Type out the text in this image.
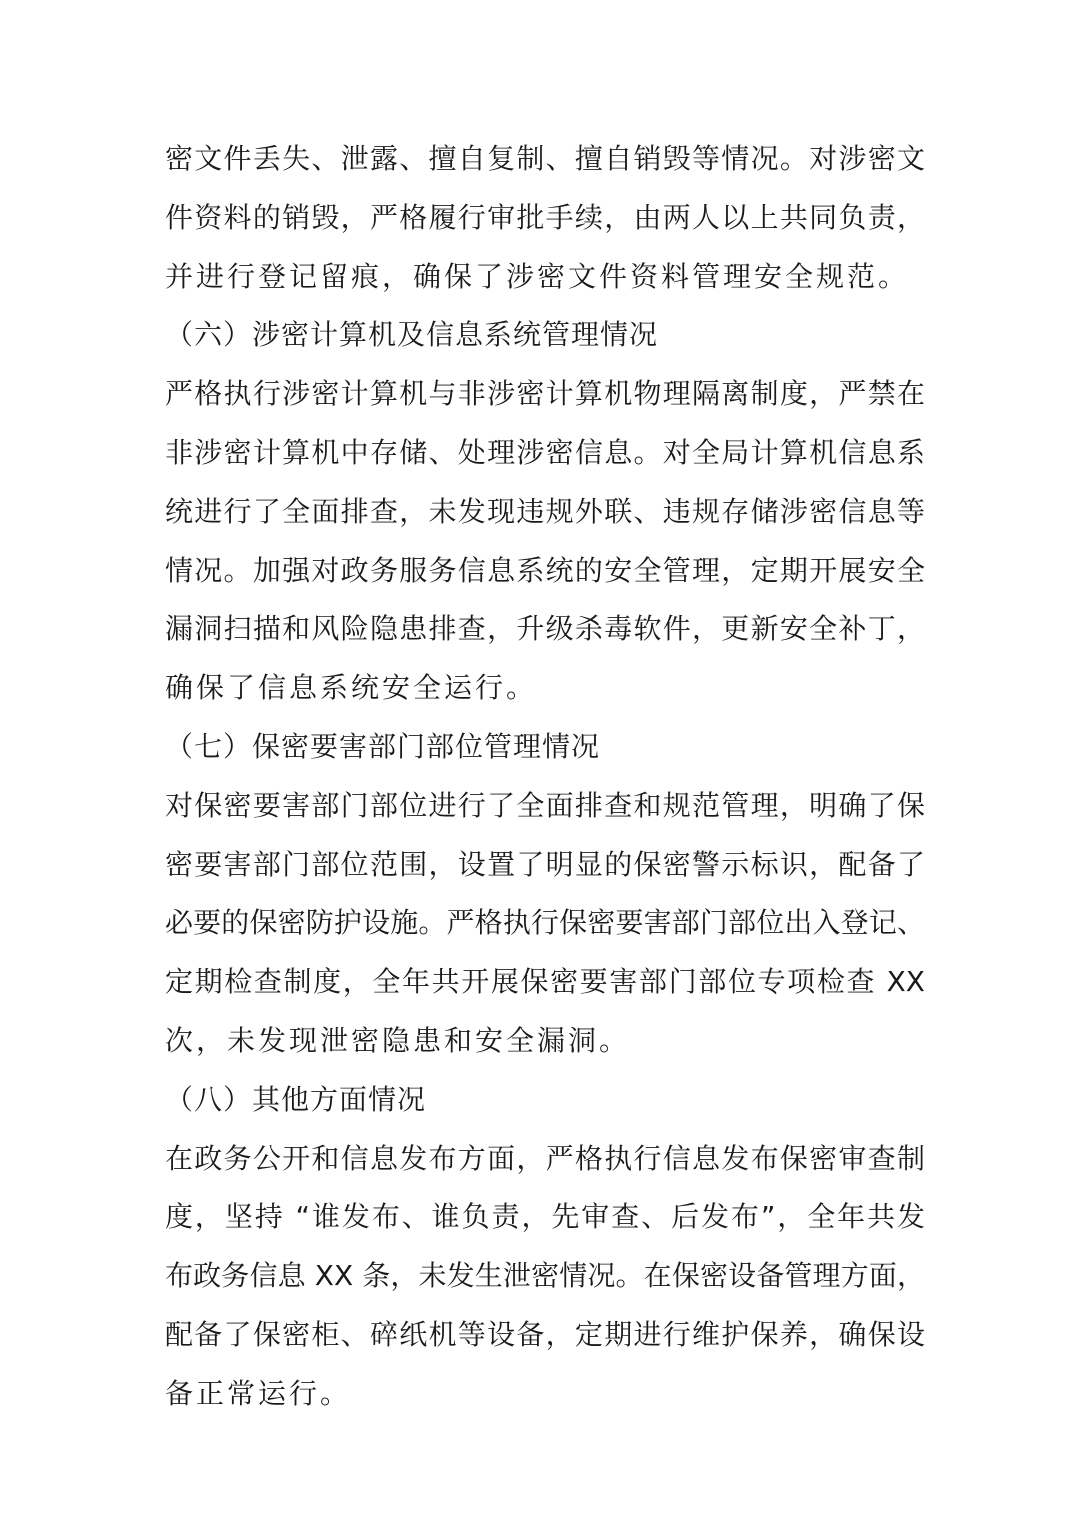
密文件丢失、泄露、擅自复制、擅自销毁等情况。对涉密文
件资料的销毁，严格履行审批手续，由两人以上共同负责，
并进行登记留痕，确保了涉密文件资料管理安全规范。
（六）涉密计算机及信息系统管理情况
严格执行涉密计算机与非涉密计算机物理隔离制度，严禁在
非涉密计算机中存储、处理涉密信息。对全局计算机信息系
统进行了全面排查，未发现违规外联、违规存储涉密信息等
情况。加强对政务服务信息系统的安全管理，定期开展安全
漏洞扫描和风险隐患排查，升级杀毒软件，更新安全补丁，
确保了信息系统安全运行。
（七）保密要害部门部位管理情况
对保密要害部门部位进行了全面排查和规范管理，明确了保
密要害部门部位范围，设置了明显的保密警示标识，配备了
必要的保密防护设施。严格执行保密要害部门部位出入登记、
定期检查制度，全年共开展保密要害部门部位专项检查 XX
次，未发现泄密隐患和安全漏洞。
（八）其他方面情况
在政务公开和信息发布方面，严格执行信息发布保密审查制
度，坚持 “谁发布、谁负责，先审查、后发布”，全年共发
布政务信息 XX 条，未发生泄密情况。在保密设备管理方面，
配备了保密柜、碎纸机等设备，定期进行维护保养，确保设
备正常运行。
